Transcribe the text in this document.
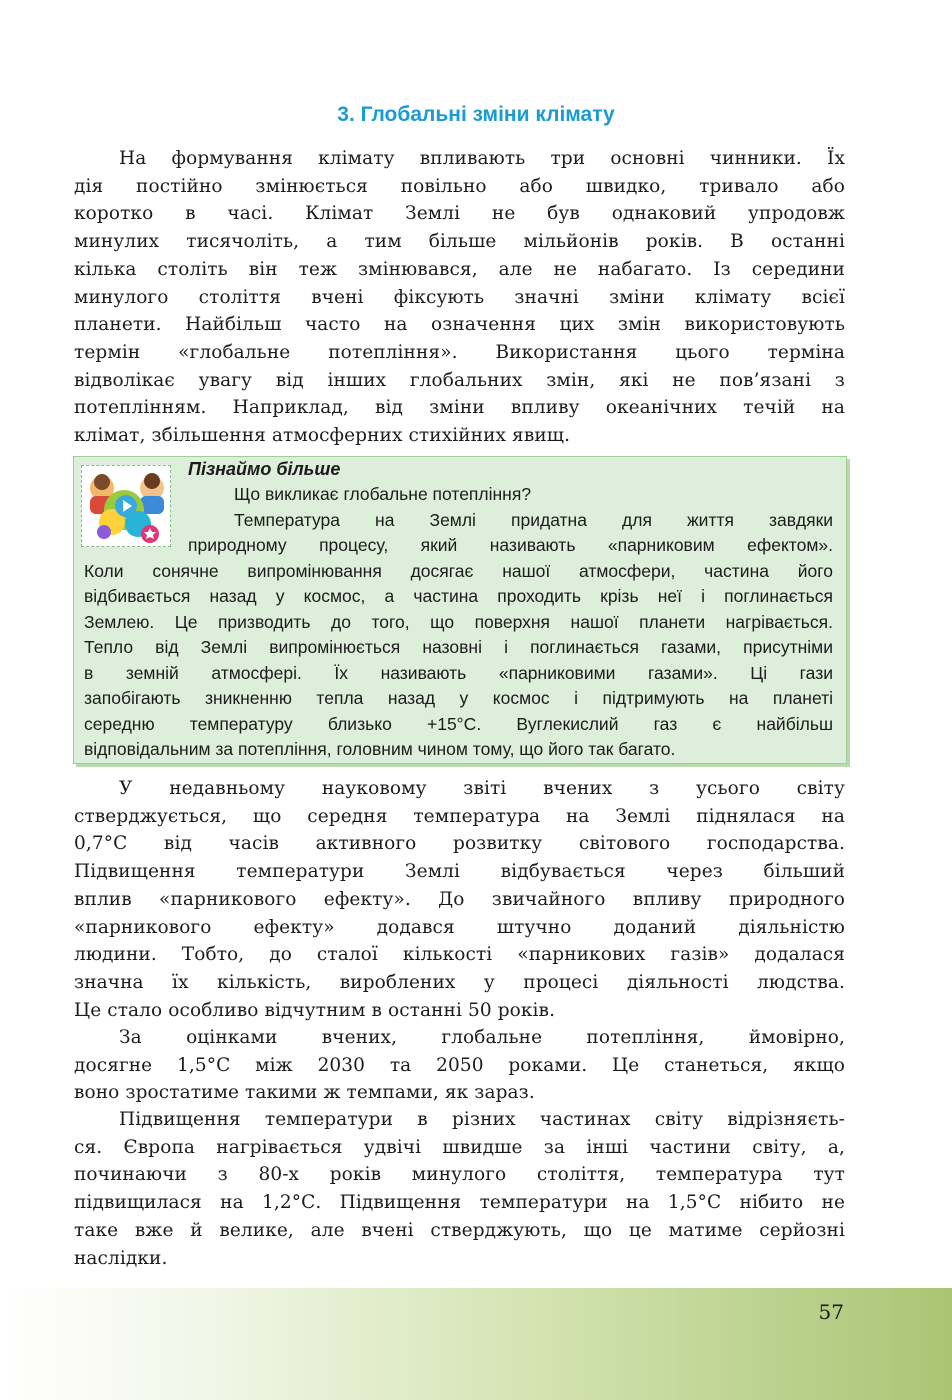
3. Глобальні зміни клімату
На формування клімату впливають три основні чинники. Їх
дія постійно змінюється повільно або швидко, тривало або
коротко в часі. Клімат Землі не був однаковий упродовж
минулих тисячоліть, а тим більше мільйонів років. В останні
кілька століть він теж змінювався, але не набагато. Із середини
минулого століття вчені фіксують значні зміни клімату всієї
планети. Найбільш часто на означення цих змін використовують
термін «глобальне потепління». Використання цього терміна
відволікає увагу від інших глобальних змін, які не пов’язані з
потеплінням. Наприклад, від зміни впливу океанічних течій на
клімат, збільшення атмосферних стихійних явищ.
Пізнаймо більше
Що викликає глобальне потепління?
Температура на Землі придатна для життя завдяки
природному процесу, який називають «парниковим ефектом».
Коли сонячне випромінювання досягає нашої атмосфери, частина його
відбивається назад у космос, а частина проходить крізь неї і поглинається
Землею. Це призводить до того, що поверхня нашої планети нагрівається.
Тепло від Землі випромінюється назовні і поглинається газами, присутніми
в земній атмосфері. Їх називають «парниковими газами». Ці гази
запобігають зникненню тепла назад у космос і підтримують на планеті
середню температуру близько +15°С. Вуглекислий газ є найбільш
відповідальним за потепління, головним чином тому, що його так багато.
У недавньому науковому звіті вчених з усього світу
стверджується, що середня температура на Землі піднялася на
0,7°С від часів активного розвитку світового господарства.
Підвищення температури Землі відбувається через більший
вплив «парникового ефекту». До звичайного впливу природного
«парникового ефекту» додався штучно доданий діяльністю
людини. Тобто, до сталої кількості «парникових газів» додалася
значна їх кількість, вироблених у процесі діяльності людства.
Це стало особливо відчутним в останні 50 років.
За оцінками вчених, глобальне потепління, ймовірно,
досягне 1,5°С між 2030 та 2050 роками. Це станеться, якщо
воно зростатиме такими ж темпами, як зараз.
Підвищення температури в різних частинах світу відрізняєть-
ся. Європа нагрівається удвічі швидше за інші частини світу, а,
починаючи з 80-х років минулого століття, температура тут
підвищилася на 1,2°С. Підвищення температури на 1,5°С нібито не
таке вже й велике, але вчені стверджують, що це матиме серйозні
наслідки.
57
